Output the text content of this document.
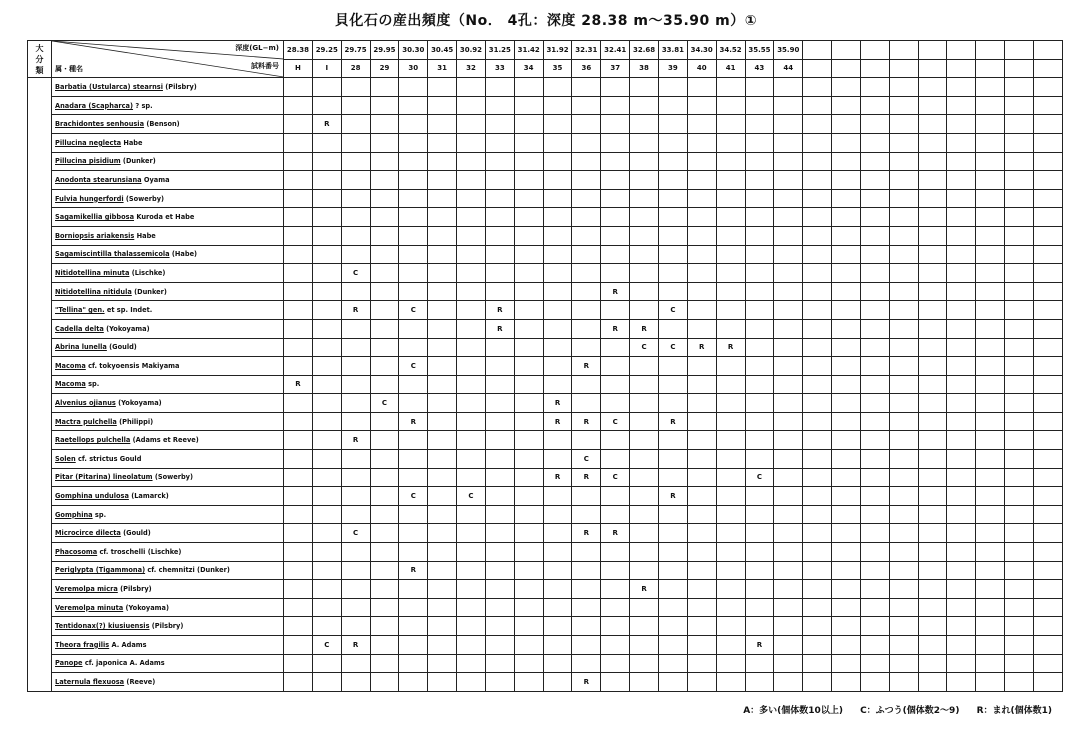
貝化石の産出頻度（No． 4孔：深度 28.38 m～35.90 m）①
大分類	深度(GL−m)
試料番号
属・種名	28.38	29.25	29.75	29.95	30.30	30.45	30.92	31.25	31.42	31.92	32.31	32.41	32.68	33.81	34.30	34.52	35.55	35.90									
		H	I	28	29	30	31	32	33	34	35	36	37	38	39	40	41	43	44									
	Barbatia (Ustularca) stearnsi (Pilsbry)																											
	Anadara (Scapharca) ? sp.																											
	Brachidontes senhousia (Benson)		R																									
	Pillucina neglecta Habe																											
	Pillucina pisidium (Dunker)																											
	Anodonta stearunsiana Oyama																											
	Fulvia hungerfordi (Sowerby)																											
	Sagamikellia gibbosa Kuroda et Habe																											
	Borniopsis ariakensis Habe																											
	Sagamiscintilla thalassemicola (Habe)																											
	Nitidotellina minuta (Lischke)			C																								
	Nitidotellina nitidula (Dunker)												R															
	"Tellina" gen. et sp. Indet.			R		C			R						C													
	Cadella delta (Yokoyama)								R				R	R														
	Abrina lunella (Gould)													C	C	R	R											
	Macoma cf. tokyoensis Makiyama					C						R																
	Macoma sp.	R																										
	Alvenius ojianus (Yokoyama)				C						R																	
	Mactra pulchella (Philippi)					R					R	R	C		R													
	Raetellops pulchella (Adams et Reeve)			R																								
	Solen cf. strictus Gould											C																
	Pitar (Pitarina) lineolatum (Sowerby)										R	R	C					C										
	Gomphina undulosa (Lamarck)					C		C							R													
	Gomphina sp.																											
	Microcirce dilecta (Gould)			C								R	R															
	Phacosoma cf. troschelli (Lischke)																											
	Periglypta (Tigammona) cf. chemnitzi (Dunker)					R																						
	Veremolpa micra (Pilsbry)													R														
	Veremolpa minuta (Yokoyama)																											
	Tentidonax(?) kiusiuensis (Pilsbry)																											
	Theora fragilis A. Adams		C	R														R										
	Panope cf. japonica A. Adams																											
	Laternula flexuosa (Reeve)											R																
A：多い(個体数10以上) C：ふつう(個体数2〜9) R：まれ(個体数1)
